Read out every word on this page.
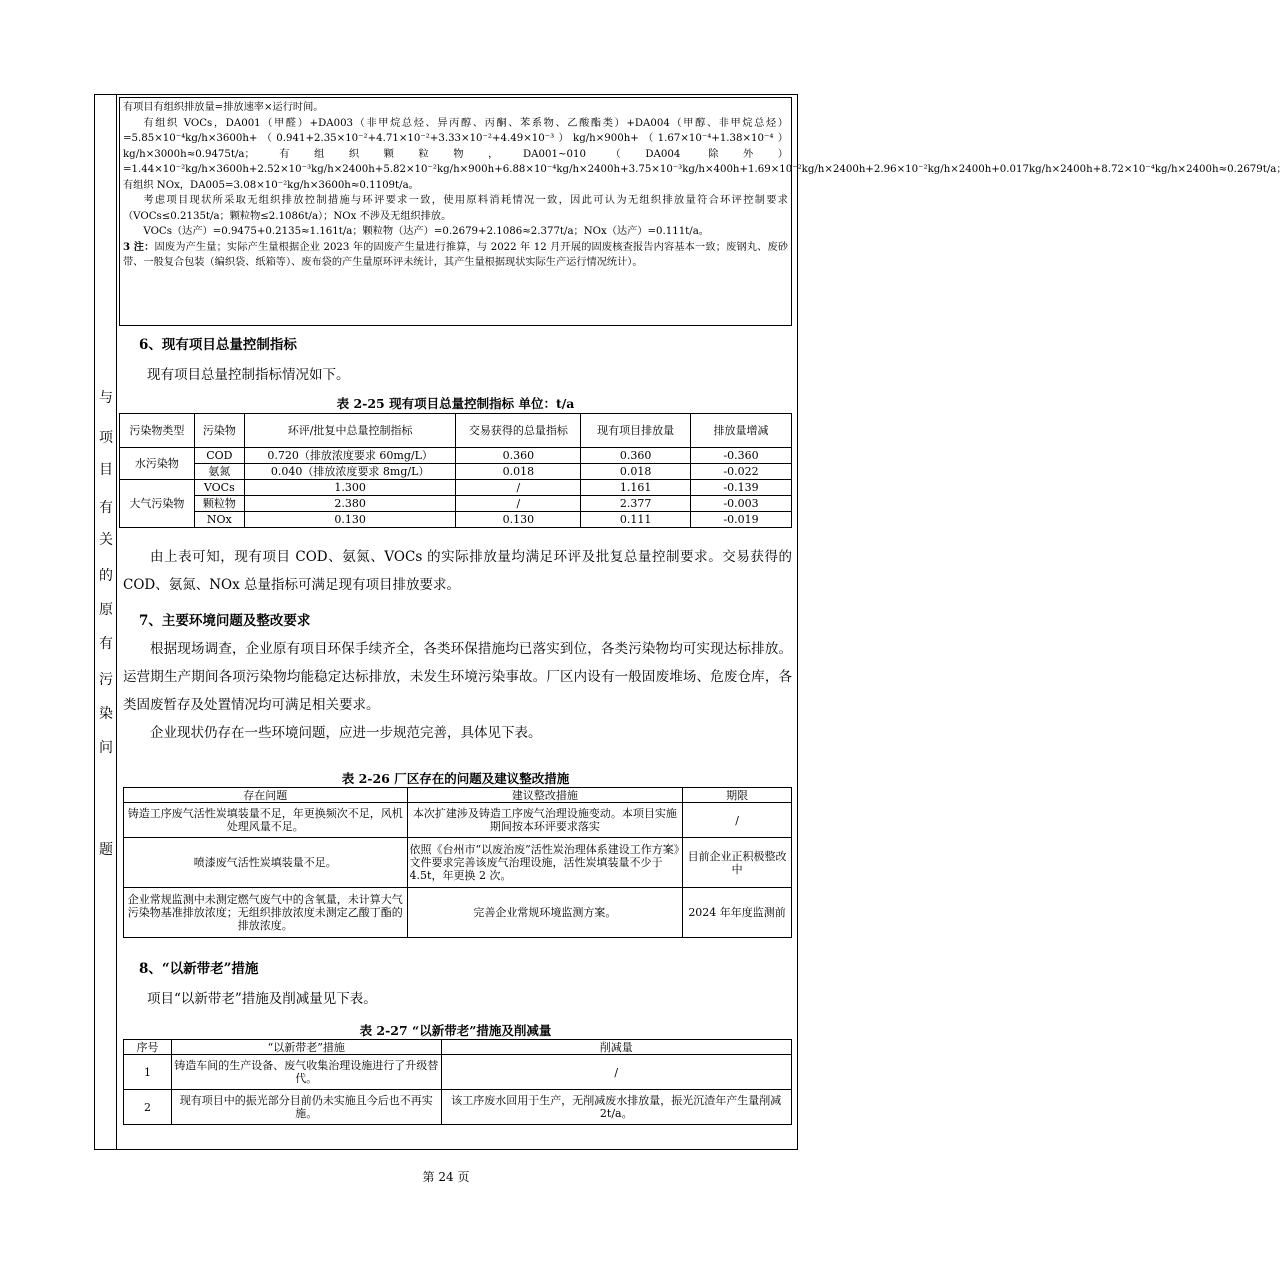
与
项
目
有
关
的
原
有
污
染
问
题

有项目有组织排放量=排放速率×运行时间。

有组织 VOCs，DA001（甲醛）+DA003（非甲烷总烃、异丙醇、丙酮、苯系物、乙酸酯类）+DA004（甲醇、非甲烷总烃）=5.85×10⁻⁴kg/h×3600h+（0.941+2.35×10⁻²+4.71×10⁻²+3.33×10⁻²+4.49×10⁻³）kg/h×900h+（1.67×10⁻⁴+1.38×10⁻⁴）kg/h×3000h≈0.9475t/a；有组织颗粒物，DA001~010（DA004 除外）=1.44×10⁻²kg/h×3600h+2.52×10⁻³kg/h×2400h+5.82×10⁻²kg/h×900h+6.88×10⁻⁴kg/h×2400h+3.75×10⁻³kg/h×400h+1.69×10⁻²kg/h×2400h+2.96×10⁻²kg/h×2400h+0.017kg/h×2400h+8.72×10⁻⁴kg/h×2400h≈0.2679t/a；有组织 NOx，DA005=3.08×10⁻²kg/h×3600h≈0.1109t/a。

考虑项目现状所采取无组织排放控制措施与环评要求一致，使用原料消耗情况一致，因此可认为无组织排放量符合环评控制要求（VOCs≤0.2135t/a；颗粒物≤2.1086t/a）；NOx 不涉及无组织排放。

VOCs（达产）=0.9475+0.2135≈1.161t/a；颗粒物（达产）=0.2679+2.1086≈2.377t/a；NOx（达产）=0.111t/a。

3 注：固废为产生量；实际产生量根据企业 2023 年的固废产生量进行推算，与 2022 年 12 月开展的固废核查报告内容基本一致；废钢丸、废砂带、一般复合包装（编织袋、纸箱等）、废布袋的产生量原环评未统计，其产生量根据现状实际生产运行情况统计）。

6、现有项目总量控制指标

现有项目总量控制指标情况如下。

表 2-25 现有项目总量控制指标 单位：t/a
污染物类型	污染物	环评/批复中总量控制指标	交易获得的总量指标	现有项目排放量	排放量增减
水污染物	COD	0.720（排放浓度要求 60mg/L）	0.360	0.360	-0.360
	氨氮	0.040（排放浓度要求 8mg/L）	0.018	0.018	-0.022
大气污染物	VOCs	1.300	/	1.161	-0.139
	颗粒物	2.380	/	2.377	-0.003
	NOx	0.130	0.130	0.111	-0.019

由上表可知，现有项目 COD、氨氮、VOCs 的实际排放量均满足环评及批复总量控制要求。交易获得的 COD、氨氮、NOx 总量指标可满足现有项目排放要求。

7、主要环境问题及整改要求

根据现场调查，企业原有项目环保手续齐全，各类环保措施均已落实到位，各类污染物均可实现达标排放。运营期生产期间各项污染物均能稳定达标排放，未发生环境污染事故。厂区内设有一般固废堆场、危废仓库，各类固废暂存及处置情况均可满足相关要求。

企业现状仍存在一些环境问题，应进一步规范完善，具体见下表。

表 2-26 厂区存在的问题及建议整改措施
存在问题	建议整改措施	期限
铸造工序废气活性炭填装量不足，年更换频次不足，风机处理风量不足。	本次扩建涉及铸造工序废气治理设施变动。本项目实施期间按本环评要求落实	/
喷漆废气活性炭填装量不足。	依照《台州市“以废治废”活性炭治理体系建设工作方案》文件要求完善该废气治理设施，活性炭填装量不少于 4.5t，年更换 2 次。	目前企业正积极整改中
企业常规监测中未测定燃气废气中的含氧量，未计算大气污染物基准排放浓度；无组织排放浓度未测定乙酸丁酯的排放浓度。	完善企业常规环境监测方案。	2024 年年度监测前
8、“以新带老”措施

项目“以新带老”措施及削减量见下表。

表 2-27 “以新带老”措施及削减量
序号	“以新带老”措施	削减量
1	铸造车间的生产设备、废气收集治理设施进行了升级替代。	/
2	现有项目中的振光部分目前仍未实施且今后也不再实施。	该工序废水回用于生产，无削减废水排放量，振光沉渣年产生量削减 2t/a。
第 24 页
